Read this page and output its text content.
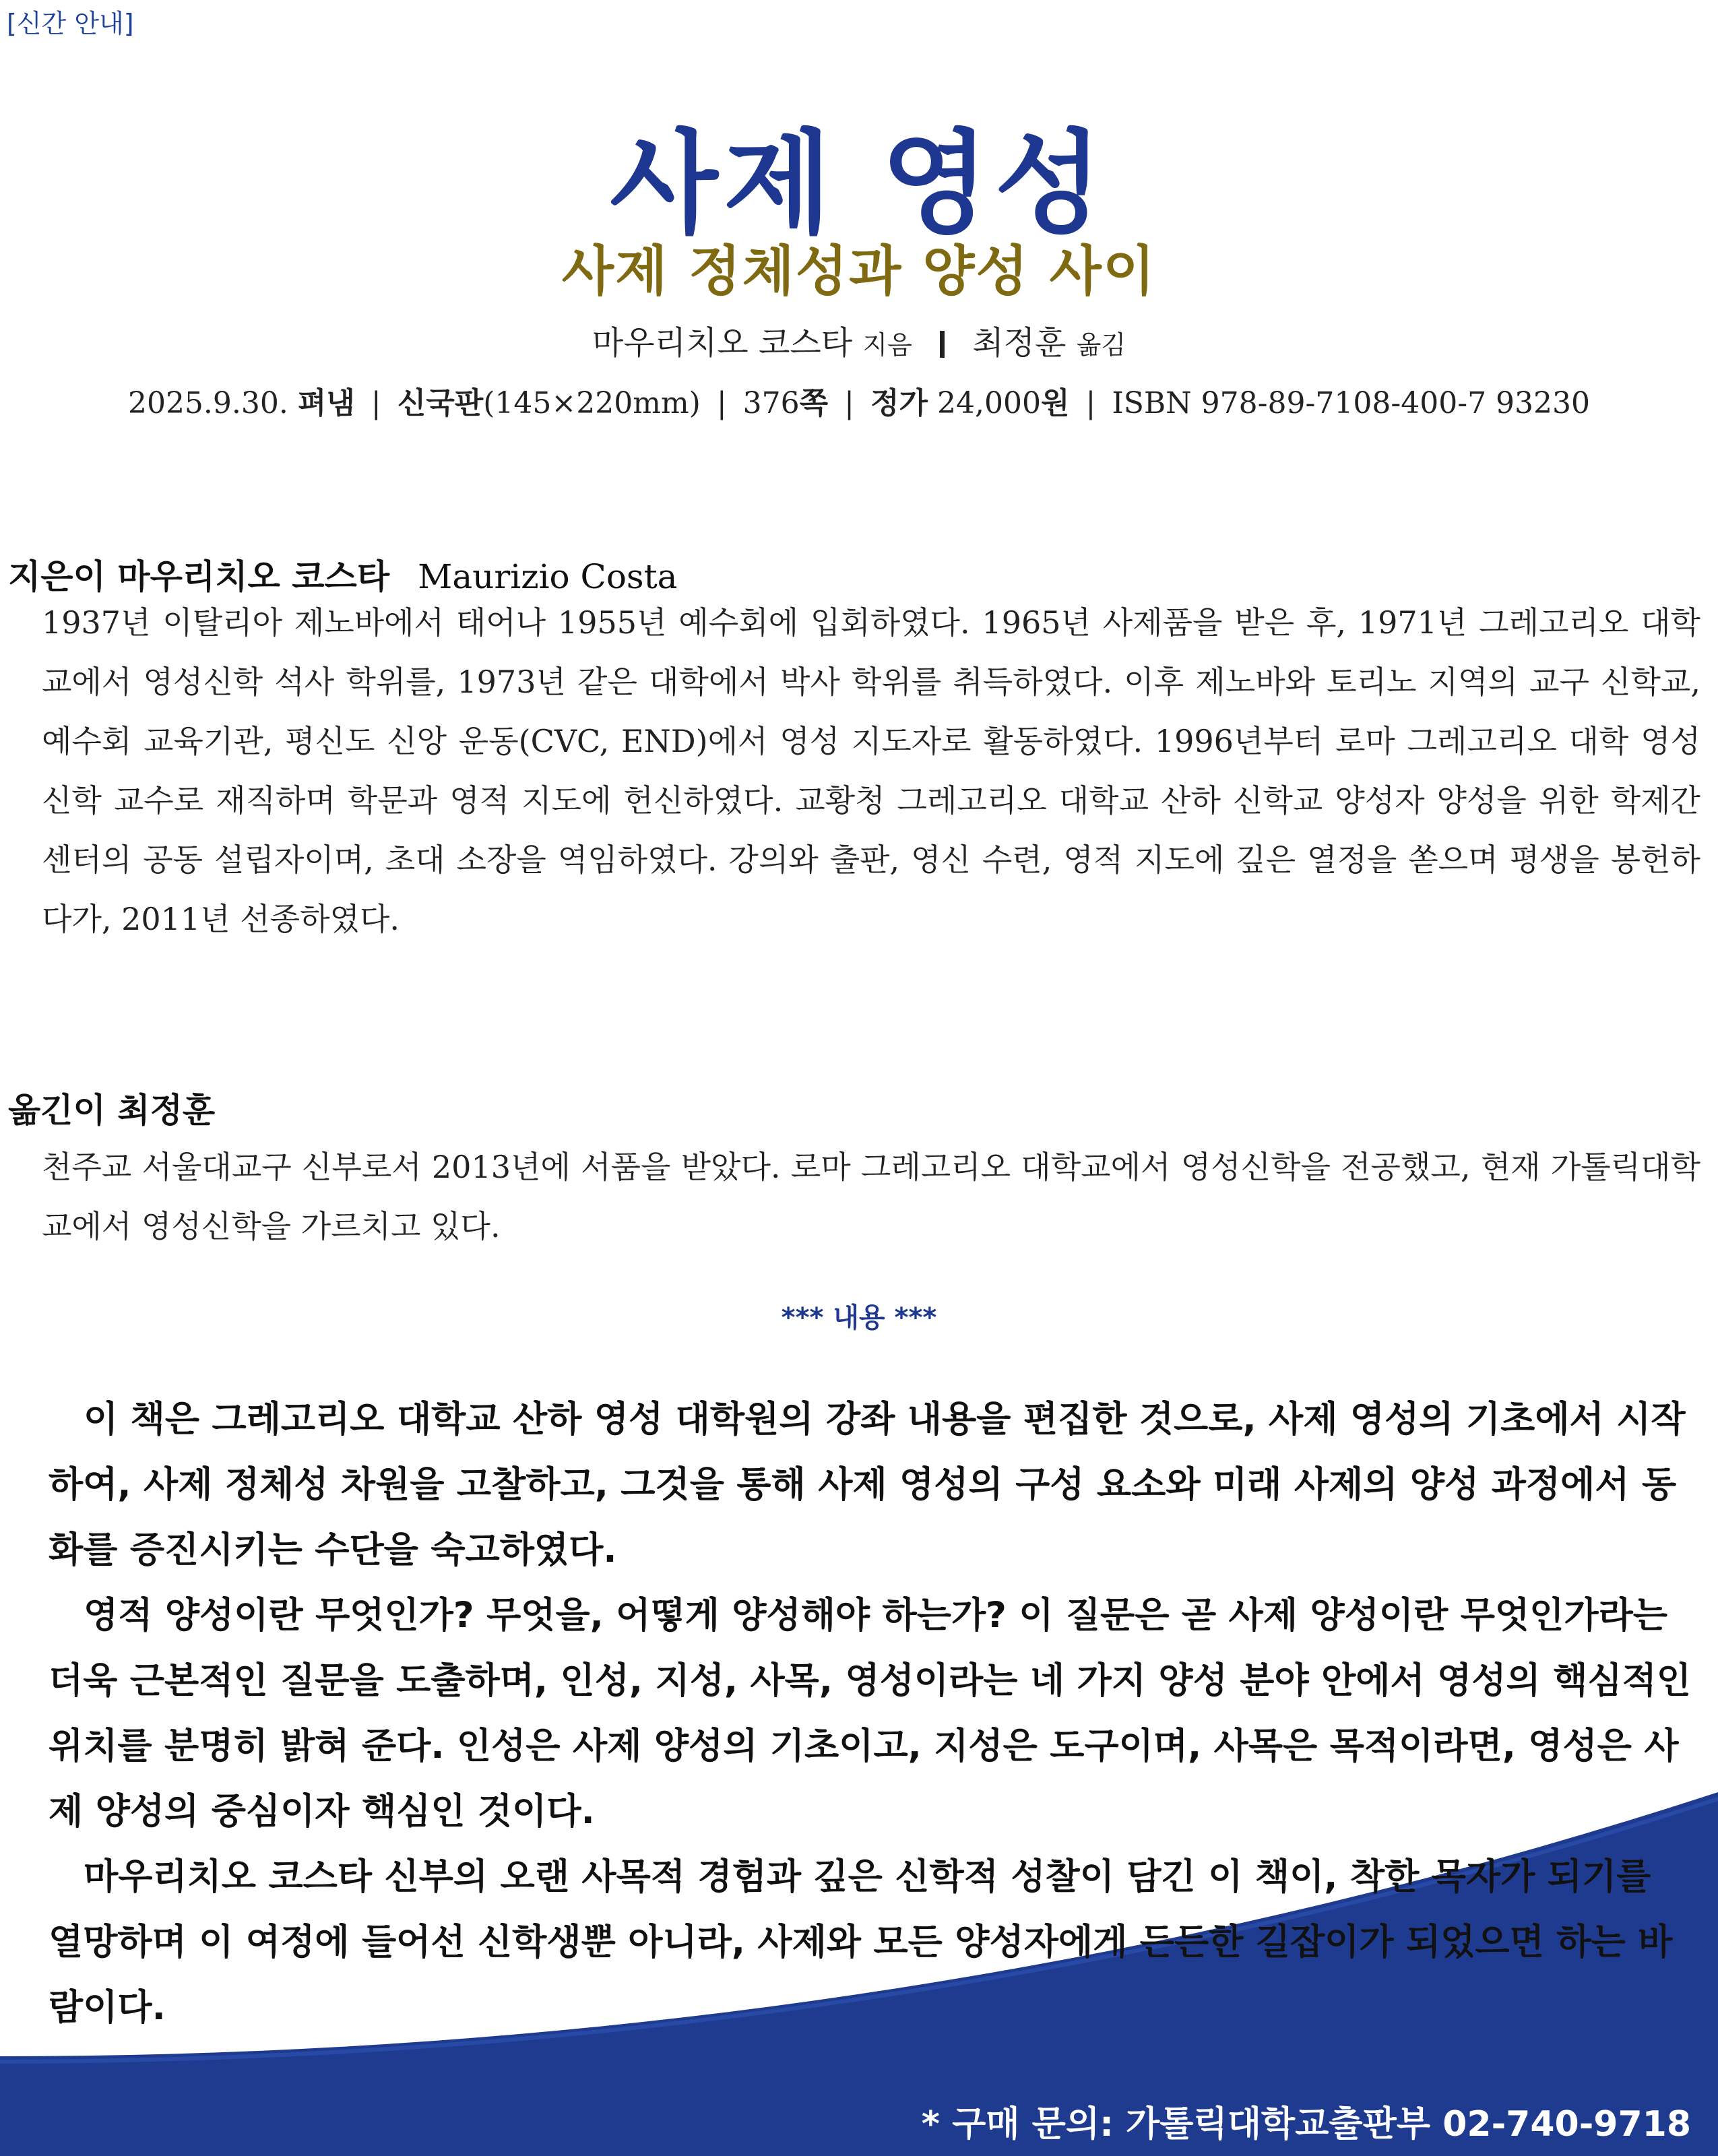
[신간 안내]
사제 영성
사제 정체성과 양성 사이
마우리치오 코스타 지음 최정훈 옮김
2025.9.30. 펴냄 | 신국판(145×220mm) | 376쪽 | 정가 24,000원 | ISBN 978-89-7108-400-7 93230
지은이 마우리치오 코스타 Maurizio Costa

1937년 이탈리아 제노바에서 태어나 1955년 예수회에 입회하였다. 1965년 사제품을 받은 후, 1971년 그레고리오 대학교에서 영성신학 석사 학위를, 1973년 같은 대학에서 박사 학위를 취득하였다. 이후 제노바와 토리노 지역의 교구 신학교, 예수회 교육기관, 평신도 신앙 운동(CVC, END)에서 영성 지도자로 활동하였다. 1996년부터 로마 그레고리오 대학 영성 신학 교수로 재직하며 학문과 영적 지도에 헌신하였다. 교황청 그레고리오 대학교 산하 신학교 양성자 양성을 위한 학제간 센터의 공동 설립자이며, 초대 소장을 역임하였다. 강의와 출판, 영신 수련, 영적 지도에 깊은 열정을 쏟으며 평생을 봉헌하다가, 2011년 선종하였다.

옮긴이 최정훈

천주교 서울대교구 신부로서 2013년에 서품을 받았다. 로마 그레고리오 대학교에서 영성신학을 전공했고, 현재 가톨릭대학교에서 영성신학을 가르치고 있다.

*** 내용 ***

이 책은 그레고리오 대학교 산하 영성 대학원의 강좌 내용을 편집한 것으로, 사제 영성의 기초에서 시작하여, 사제 정체성 차원을 고찰하고, 그것을 통해 사제 영성의 구성 요소와 미래 사제의 양성 과정에서 동화를 증진시키는 수단을 숙고하였다.

영적 양성이란 무엇인가? 무엇을, 어떻게 양성해야 하는가? 이 질문은 곧 사제 양성이란 무엇인가라는 더욱 근본적인 질문을 도출하며, 인성, 지성, 사목, 영성이라는 네 가지 양성 분야 안에서 영성의 핵심적인 위치를 분명히 밝혀 준다. 인성은 사제 양성의 기초이고, 지성은 도구이며, 사목은 목적이라면, 영성은 사제 양성의 중심이자 핵심인 것이다.

마우리치오 코스타 신부의 오랜 사목적 경험과 깊은 신학적 성찰이 담긴 이 책이, 착한 목자가 되기를 열망하며 이 여정에 들어선 신학생뿐 아니라, 사제와 모든 양성자에게 든든한 길잡이가 되었으면 하는 바람이다.

* 구매 문의: 가톨릭대학교출판부 02-740-9718
